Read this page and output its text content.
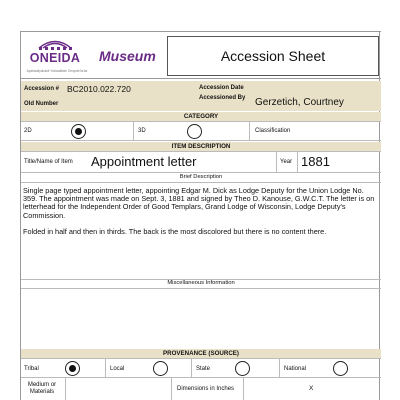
ONEIDA
Ayakwaliyuhaké Yukwaktiwe Onʌyoteʔa:ká
Museum	Accession Sheet
Accession # BC2010.022.720	Accession Date
Old Number
Accessioned By Gerzetich, Courtney
CATEGORY
2D	3D	Classification
ITEM DESCRIPTION
Title/Name of Item Appointment letter	Year 1881
Brief Description

Single page typed appointment letter, appointing Edgar M. Dick as Lodge Deputy for the Union Lodge No. 359. The appointment was made on Sept. 3, 1881 and signed by Theo D. Kanouse, G.W.C.T. The letter is on letterhead for the Independent Order of Good Templars, Grand Lodge of Wisconsin, Lodge Deputy's Commission.

Folded in half and then in thirds. The back is the most discolored but there is no content there.

Miscellaneous Information
PROVENANCE (SOURCE)
Tribal	Local	State	National
Medium or Materials	Dimensions in Inches	X
